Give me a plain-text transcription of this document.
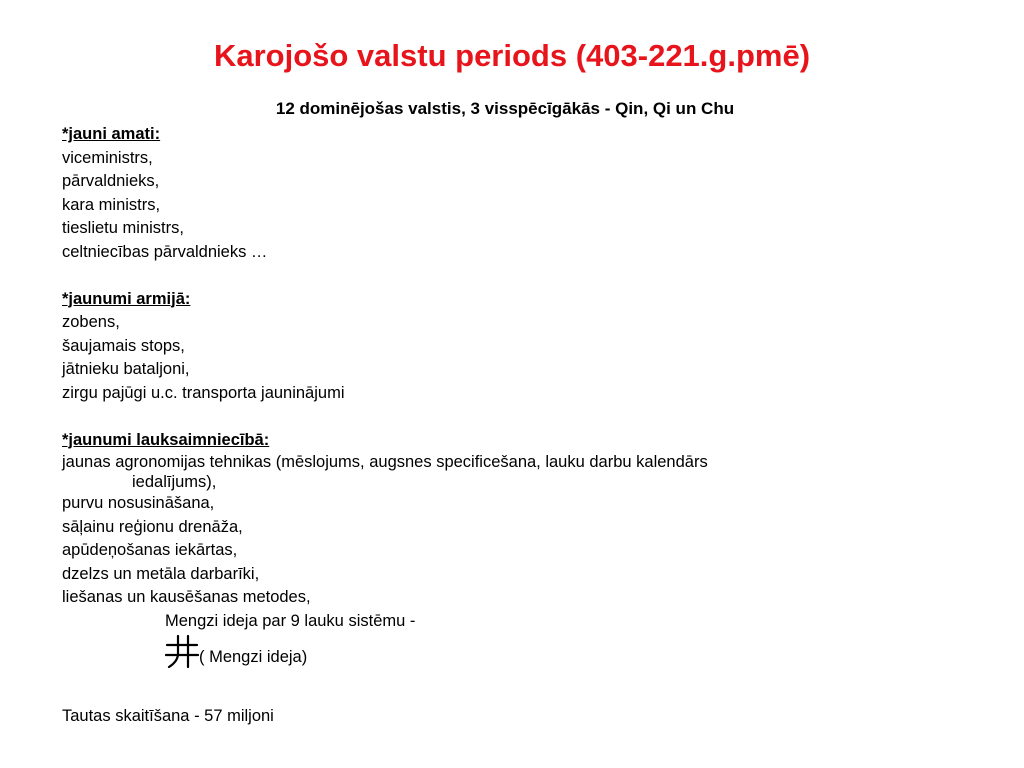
Karojošo valstu periods (403-221.g.pmē)
12 dominējošas valstis, 3 visspēcīgākās - Qin, Qi un Chu
*jauni amati:
viceministrs,
pārvaldnieks,
kara ministrs,
tieslietu ministrs,
celtniecības pārvaldnieks …
*jaunumi armijā:
zobens,
šaujamais stops,
jātnieku bataljoni,
zirgu pajūgi u.c. transporta jauninājumi
*jaunumi lauksaimniecībā:
jaunas agronomijas tehnikas (mēslojums, augsnes specificešana, lauku darbu kalendārs
iedalījums),
purvu nosusināšana,
sāļainu reģionu drenāža,
apūdeņošanas iekārtas,
dzelzs un metāla darbarīki,
liešanas un kausēšanas metodes,
Mengzi ideja par 9 lauku sistēmu -
( Mengzi ideja)
Tautas skaitīšana - 57 miljoni
